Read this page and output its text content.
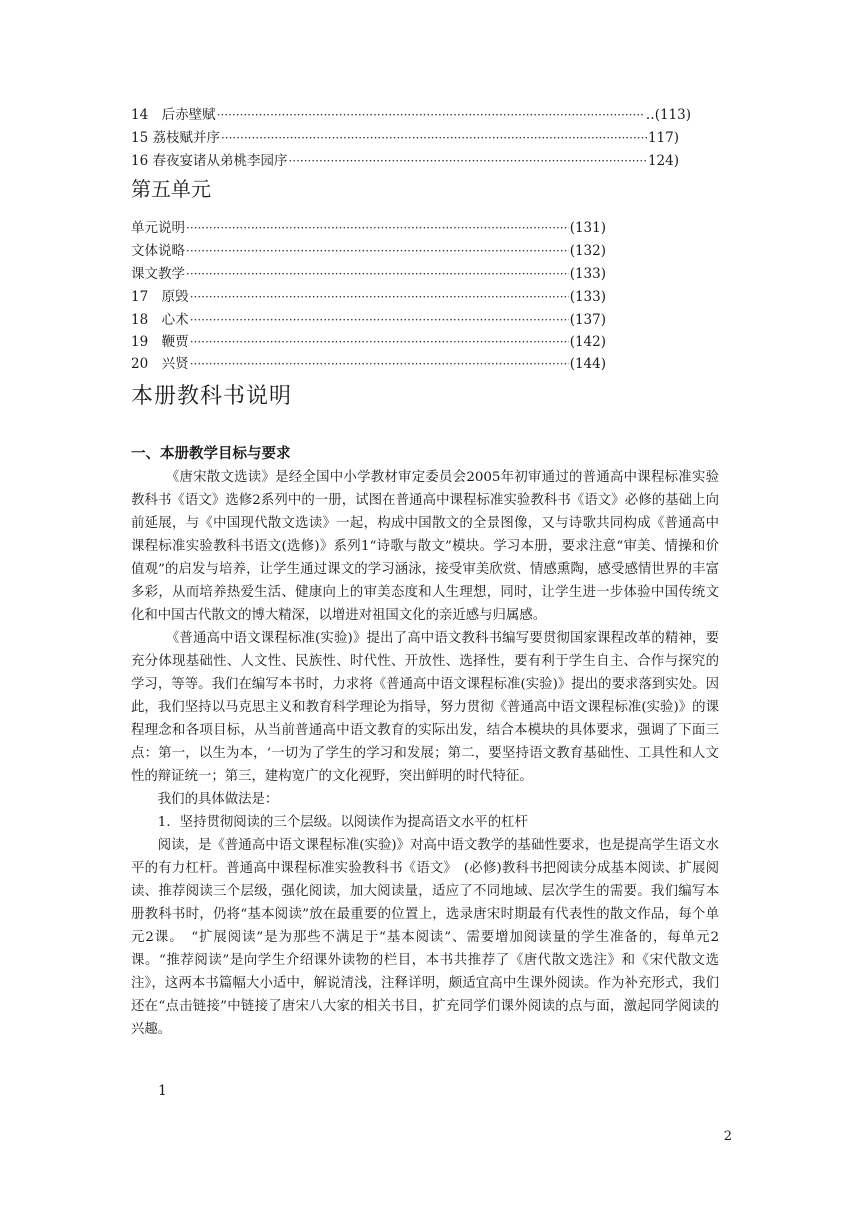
14　后赤壁赋 ·····	‥(113)
15 荔枝赋并序 ·····	117)
16 春夜宴诸从弟桃李园序 ·····	124)
第五单元
单元说明 ·····	(131)
文体说略 ·····	(132)
课文教学 ·····	(133)
17　原毁 ·····	(133)
18　心术 ·····	(137)
19　鞭贾 ·····	(142)
20　兴贤 ·····	(144)
本册教科书说明
一、本册教学目标与要求

《唐宋散文选读》是经全国中小学教材审定委员会2005年初审通过的普通高中课程标准实验教科书《语文》选修2系列中的一册，试图在普通高中课程标准实验教科书《语文》必修的基础上向前延展，与《中国现代散文选读》一起，构成中国散文的全景图像，又与诗歌共同构成《普通高中课程标准实验教科书语文(选修)》系列1“诗歌与散文”模块。学习本册，要求注意“审美、情操和价值观”的启发与培养，让学生通过课文的学习涵泳，接受审美欣赏、情感熏陶，感受感情世界的丰富多彩，从而培养热爱生活、健康向上的审美态度和人生理想，同时，让学生进一步体验中国传统文化和中国古代散文的博大精深，以增进对祖国文化的亲近感与归属感。

《普通高中语文课程标准(实验)》提出了高中语文教科书编写要贯彻国家课程改革的精神，要充分体现基础性、人文性、民族性、时代性、开放性、选择性，要有利于学生自主、合作与探究的学习，等等。我们在编写本书时，力求将《普通高中语文课程标准(实验)》提出的要求落到实处。因此，我们坚持以马克思主义和教育科学理论为指导，努力贯彻《普通高中语文课程标准(实验)》的课程理念和各项目标，从当前普通高中语文教育的实际出发，结合本模块的具体要求，强调了下面三点：第一，以生为本，‘一切为了学生的学习和发展；第二，要坚持语文教育基础性、工具性和人文性的辩证统一；第三，建构宽广的文化视野，突出鲜明的时代特征。

我们的具体做法是：

1．坚持贯彻阅读的三个层级。以阅读作为提高语文水平的杠杆

阅读，是《普通高中语文课程标准(实验)》对高中语文教学的基础性要求，也是提高学生语文水平的有力杠杆。普通高中课程标准实验教科书《语文》　(必修)教科书把阅读分成基本阅读、扩展阅读、推荐阅读三个层级，强化阅读，加大阅读量，适应了不同地域、层次学生的需要。我们编写本册教科书时，仍将“基本阅读”放在最重要的位置上，选录唐宋时期最有代表性的散文作品，每个单元2课。　“扩展阅读”是为那些不满足于“基本阅读”、需要增加阅读量的学生准备的，每单元2课。“推荐阅读”是向学生介绍课外读物的栏目，本书共推荐了《唐代散文选注》和《宋代散文选注》，这两本书篇幅大小适中，解说清浅，注释详明，颇适宜高中生课外阅读。作为补充形式，我们还在“点击链接”中链接了唐宋八大家的相关书目，扩充同学们课外阅读的点与面，激起同学阅读的兴趣。

1
2
